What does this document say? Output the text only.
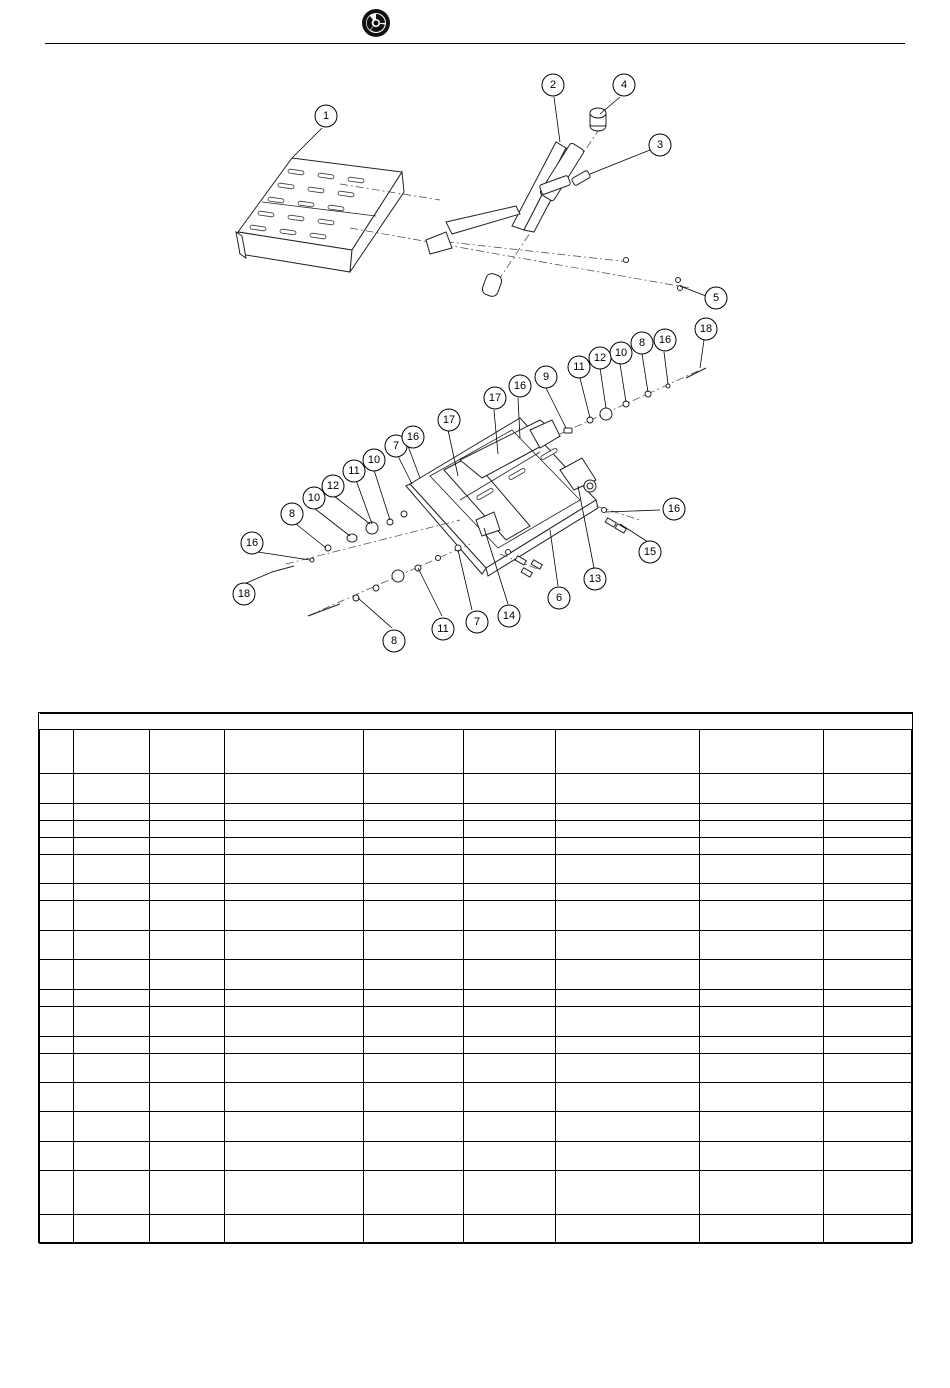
1
2
3
4
5
6
7
7
8
8
8
9
10
10
10
11
11
11
12
12
13
14
15
16
16
16
16
16
17
17
18
18
